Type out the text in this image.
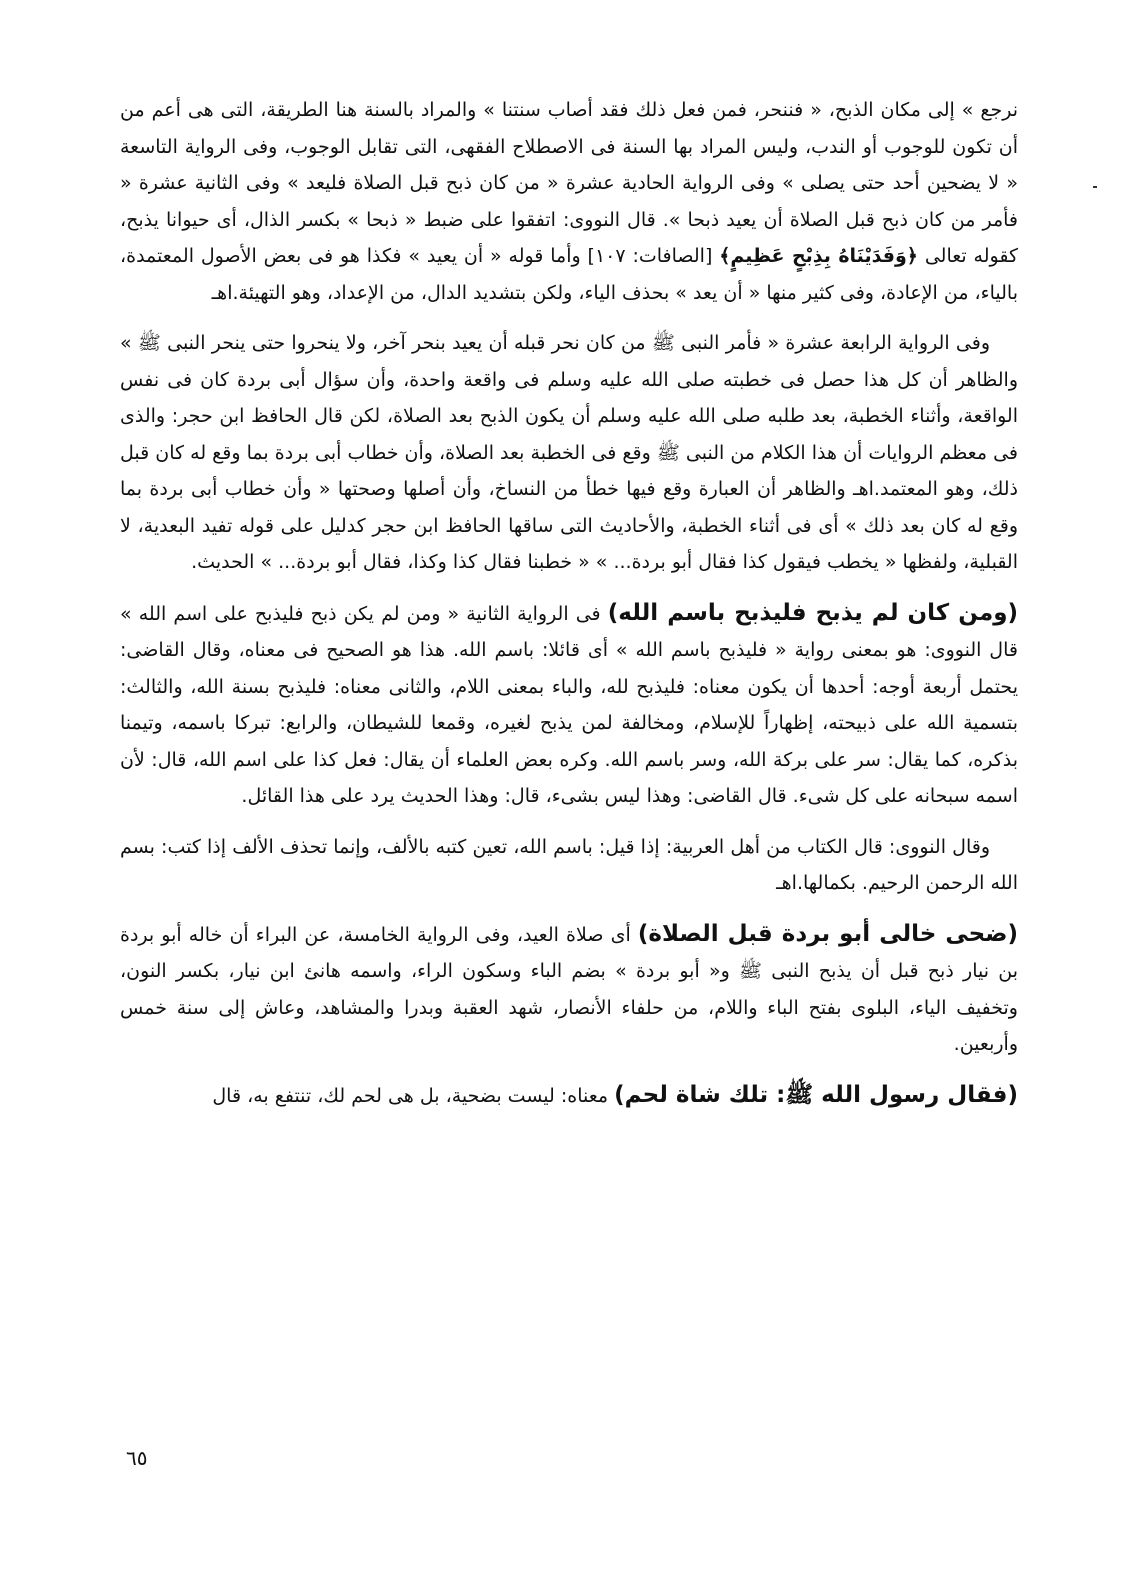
نرجع » إلى مكان الذبح، « فننحر، فمن فعل ذلك فقد أصاب سنتنا » والمراد بالسنة هنا الطريقة، التى هى أعم من أن تكون للوجوب أو الندب، وليس المراد بها السنة فى الاصطلاح الفقهى، التى تقابل الوجوب، وفى الرواية التاسعة « لا يضحين أحد حتى يصلى » وفى الرواية الحادية عشرة « من كان ذبح قبل الصلاة فليعد » وفى الثانية عشرة « فأمر من كان ذبح قبل الصلاة أن يعيد ذبحا ». قال النووى: اتفقوا على ضبط « ذبحا » بكسر الذال، أى حيوانا يذبح، كقوله تعالى ﴿وَفَدَيْنَاهُ بِذِبْحٍ عَظِيمٍ﴾ [الصافات: ١٠٧] وأما قوله « أن يعيد » فكذا هو فى بعض الأصول المعتمدة، بالياء، من الإعادة، وفى كثير منها « أن يعد » بحذف الياء، ولكن بتشديد الدال، من الإعداد، وهو التهيئة.اهـ

وفى الرواية الرابعة عشرة « فأمر النبى ﷺ من كان نحر قبله أن يعيد بنحر آخر، ولا ينحروا حتى ينحر النبى ﷺ » والظاهر أن كل هذا حصل فى خطبته صلى الله عليه وسلم فى واقعة واحدة، وأن سؤال أبى بردة كان فى نفس الواقعة، وأثناء الخطبة، بعد طلبه صلى الله عليه وسلم أن يكون الذبح بعد الصلاة، لكن قال الحافظ ابن حجر: والذى فى معظم الروايات أن هذا الكلام من النبى ﷺ وقع فى الخطبة بعد الصلاة، وأن خطاب أبى بردة بما وقع له كان قبل ذلك، وهو المعتمد.اهـ والظاهر أن العبارة وقع فيها خطأ من النساخ، وأن أصلها وصحتها « وأن خطاب أبى بردة بما وقع له كان بعد ذلك » أى فى أثناء الخطبة، والأحاديث التى ساقها الحافظ ابن حجر كدليل على قوله تفيد البعدية، لا القبلية، ولفظها « يخطب فيقول كذا فقال أبو بردة... » « خطبنا فقال كذا وكذا، فقال أبو بردة... » الحديث.

(ومن كان لم يذبح فليذبح باسم الله) فى الرواية الثانية « ومن لم يكن ذبح فليذبح على اسم الله » قال النووى: هو بمعنى رواية « فليذبح باسم الله » أى قائلا: باسم الله. هذا هو الصحيح فى معناه، وقال القاضى: يحتمل أربعة أوجه: أحدها أن يكون معناه: فليذبح لله، والباء بمعنى اللام، والثانى معناه: فليذبح بسنة الله، والثالث: بتسمية الله على ذبيحته، إظهاراً للإسلام، ومخالفة لمن يذبح لغيره، وقمعا للشيطان، والرابع: تبركا باسمه، وتيمنا بذكره، كما يقال: سر على بركة الله، وسر باسم الله. وكره بعض العلماء أن يقال: فعل كذا على اسم الله، قال: لأن اسمه سبحانه على كل شىء. قال القاضى: وهذا ليس بشىء، قال: وهذا الحديث يرد على هذا القائل.

وقال النووى: قال الكتاب من أهل العربية: إذا قيل: باسم الله، تعين كتبه بالألف، وإنما تحذف الألف إذا كتب: بسم الله الرحمن الرحيم. بكمالها.اهـ

(ضحى خالى أبو بردة قبل الصلاة) أى صلاة العيد، وفى الرواية الخامسة، عن البراء أن خاله أبو بردة بن نيار ذبح قبل أن يذبح النبى ﷺ و« أبو بردة » بضم الباء وسكون الراء، واسمه هانئ ابن نيار، بكسر النون، وتخفيف الياء، البلوى بفتح الباء واللام، من حلفاء الأنصار، شهد العقبة وبدرا والمشاهد، وعاش إلى سنة خمس وأربعين.

(فقال رسول الله ﷺ: تلك شاة لحم) معناه: ليست بضحية، بل هى لحم لك، تنتفع به، قال

٦٥
